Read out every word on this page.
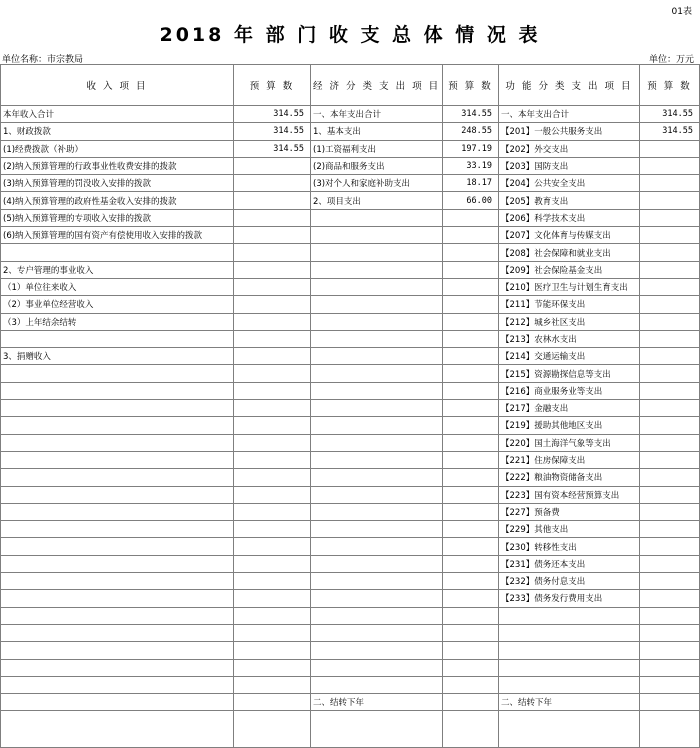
01表
2018 年 部 门 收 支 总 体 情 况 表
单位名称：市宗教局	单位：万元
收 入 项 目	预 算 数	经 济 分 类 支 出 项 目	预 算 数	功 能 分 类 支 出 项 目	预 算 数
本年收入合计	314.55	一、本年支出合计	314.55	一、本年支出合计	314.55
1、财政拨款	314.55	1、基本支出	248.55	【201】一般公共服务支出	314.55
(1)经费拨款（补助）	314.55	(1)工资福利支出	197.19	【202】外交支出	
(2)纳入预算管理的行政事业性收费安排的拨款		(2)商品和服务支出	33.19	【203】国防支出	
(3)纳入预算管理的罚没收入安排的拨款		(3)对个人和家庭补助支出	18.17	【204】公共安全支出	
(4)纳入预算管理的政府性基金收入安排的拨款		2、项目支出	66.00	【205】教育支出	
(5)纳入预算管理的专项收入安排的拨款				【206】科学技术支出	
(6)纳入预算管理的国有资产有偿使用收入安排的拨款				【207】文化体育与传媒支出	
				【208】社会保障和就业支出	
2、专户管理的事业收入				【209】社会保险基金支出	
（1）单位往来收入				【210】医疗卫生与计划生育支出	
（2）事业单位经营收入				【211】节能环保支出	
（3）上年结余结转				【212】城乡社区支出	
				【213】农林水支出	
3、捐赠收入				【214】交通运输支出	
				【215】资源勘探信息等支出	
				【216】商业服务业等支出	
				【217】金融支出	
				【219】援助其他地区支出	
				【220】国土海洋气象等支出	
				【221】住房保障支出	
				【222】粮油物资储备支出	
				【223】国有资本经营预算支出	
				【227】预备费	
				【229】其他支出	
				【230】转移性支出	
				【231】债务还本支出	
				【232】债务付息支出	
				【233】债务发行费用支出	

		二、结转下年		二、结转下年	
